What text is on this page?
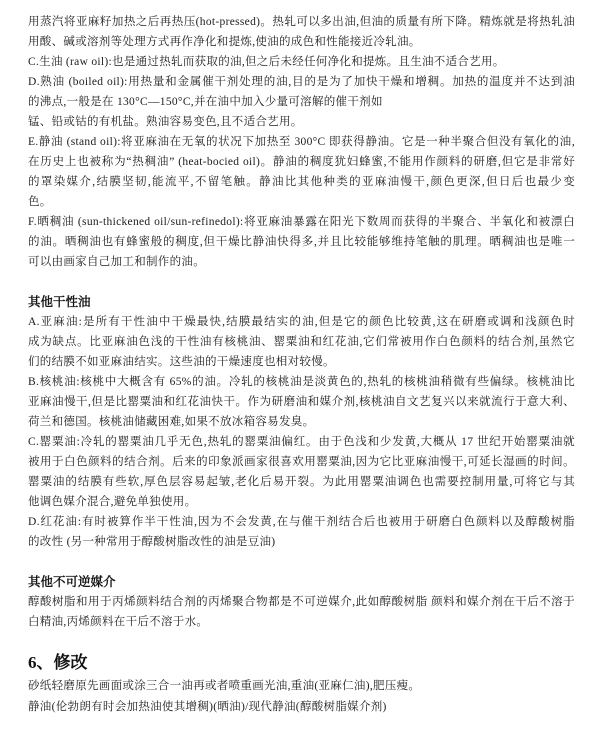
用蒸汽将亚麻籽加热之后再热压(hot-pressed)。热轧可以多出油,但油的质量有所下降。精炼就是将热轧油
用酸、碱或溶剂等处理方式再作净化和提炼,使油的成色和性能接近冷轧油。
C.生油 (raw oil):也是通过热轧而获取的油,但之后未经任何净化和提炼。且生油不适合艺用。
D.熟油 (boiled oil):用热量和金属催干剂处理的油,目的是为了加快干燥和增稠。加热的温度并不达到油
的沸点,一般是在 130°C—150°C,并在油中加入少量可溶解的催干剂如
锰、铅或钴的有机盐。熟油容易变色,且不适合艺用。
E.静油 (stand oil):将亚麻油在无氧的状况下加热至 300°C 即获得静油。它是一种半聚合但没有氧化的油,
在历史上也被称为“热稠油” (heat-bocied oil)。静油的稠度犹妇蜂蜜,不能用作颜料的研磨,但它是非常好
的罩染媒介,结膜坚韧,能流平,不留笔触。静油比其他种类的亚麻油慢干,颜色更深,但日后也最少变
色。
F.晒稠油 (sun-thickened oil/sun-refinedol):将亚麻油暴露在阳光下数周而获得的半聚合、半氧化和被漂白
的油。晒稠油也有蜂蜜般的稠度,但干燥比静油快得多,并且比较能够维持笔触的肌理。晒稠油也是唯一
可以由画家自己加工和制作的油。
其他干性油
A.亚麻油:是所有干性油中干燥最快,结膜最结实的油,但是它的颜色比较黄,这在研磨或调和浅颜色时
成为缺点。比亚麻油色浅的干性油有核桃油、罂粟油和红花油,它们常被用作白色颜料的结合剂,虽然它
们的结膜不如亚麻油结实。这些油的干燥速度也相对较慢。
B.核桃油:核桃中大概含有 65%的油。冷轧的核桃油是淡黄色的,热轧的核桃油稍微有些偏绿。核桃油比
亚麻油慢干,但是比罂粟油和红花油快干。作为研磨油和媒介剂,核桃油自文艺复兴以来就流行于意大利、
荷兰和德国。核桃油储藏困难,如果不放冰箱容易发臭。
C.罂粟油:冷轧的罂粟油几乎无色,热轧的罂粟油偏红。由于色浅和少发黄,大概从 17 世纪开始罂粟油就
被用于白色颜料的结合剂。后来的印象派画家很喜欢用罂粟油,因为它比亚麻油慢干,可延长湿画的时间。
罂粟油的结膜有些软,厚色层容易起皱,老化后易开裂。为此用罂粟油调色也需要控制用量,可将它与其
他调色媒介混合,避免单独使用。
D.红花油:有时被算作半干性油,因为不会发黄,在与催干剂结合后也被用于研磨白色颜料以及醇酸树脂
的改性 (另一种常用于醇酸树脂改性的油是豆油)
其他不可逆媒介
醇酸树脂和用于丙烯颜料结合剂的丙烯聚合物都是不可逆媒介,此如醇酸树脂 颜料和媒介剂在干后不溶于
白精油,丙烯颜料在干后不溶于水。
6、修改
砂纸轻磨原先画面或涂三合一油再或者喷重画光油,重油(亚麻仁油),肥压瘦。
静油(伦勃朗有时会加热油使其增稠)(晒油)/现代静油(醇酸树脂媒介剂)
